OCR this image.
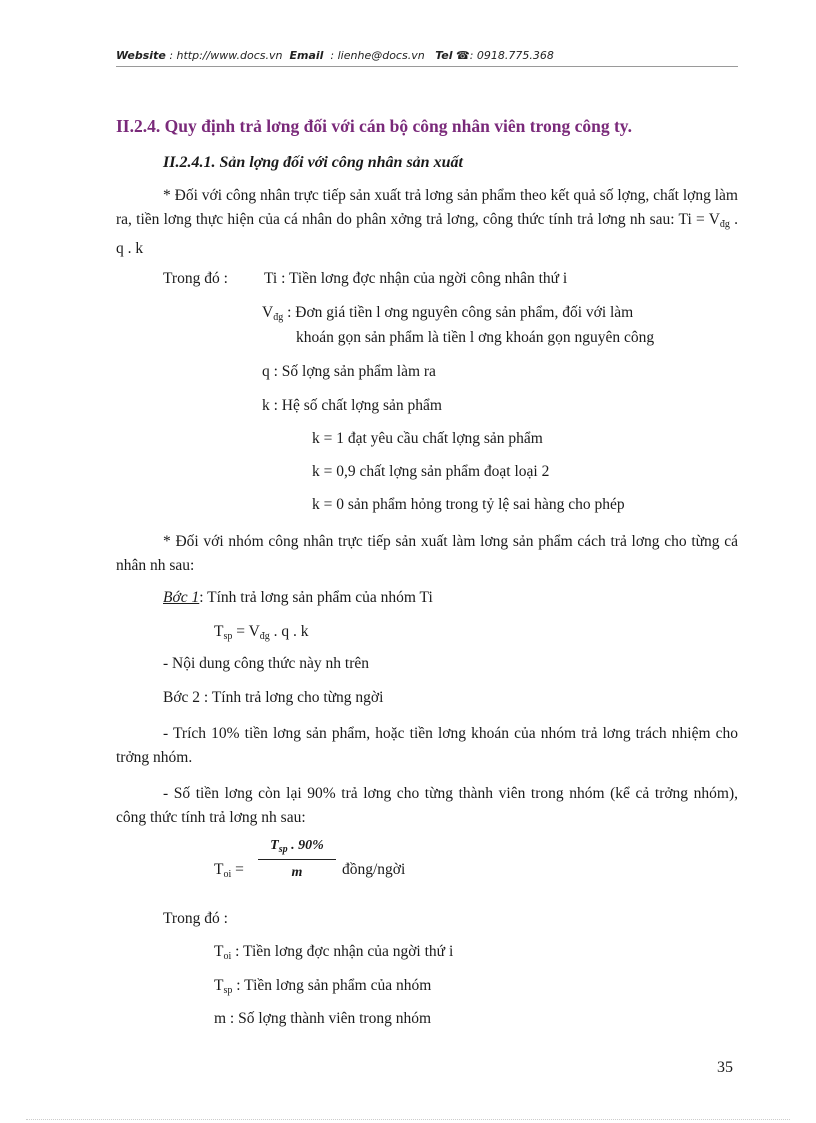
Website : http://www.docs.vn Email : lienhe@docs.vn Tel ☎: 0918.775.368
II.2.4. Quy định trả lơng đối với cán bộ công nhân viên trong công ty.
II.2.4.1. Sản lợng đối với công nhân sản xuất
* Đối với công nhân trực tiếp sản xuất trả lơng sản phẩm theo kết quả số lợng, chất lợng làm ra, tiền lơng thực hiện của cá nhân do phân xởng trả lơng, công thức tính trả lơng nh sau: Ti = Vđg . q . k
Trong đó : Ti : Tiền lơng đợc nhận của ngời công nhân thứ i
Vđg : Đơn giá tiền l ơng nguyên công sản phẩm, đối với làm
khoán gọn sản phẩm là tiền l ơng khoán gọn nguyên công
q : Số lợng sản phẩm làm ra
k : Hệ số chất lợng sản phẩm
k = 1 đạt yêu cầu chất lợng sản phẩm
k = 0,9 chất lợng sản phẩm đoạt loại 2
k = 0 sản phẩm hỏng trong tỷ lệ sai hàng cho phép
* Đối với nhóm công nhân trực tiếp sản xuất làm lơng sản phẩm cách trả lơng cho từng cá nhân nh sau:
Bớc 1: Tính trả lơng sản phẩm của nhóm Ti
Tsp = Vđg . q . k
- Nội dung công thức này nh trên
Bớc 2 : Tính trả lơng cho từng ngời
- Trích 10% tiền lơng sản phẩm, hoặc tiền lơng khoán của nhóm trả lơng trách nhiệm cho trởng nhóm.
- Số tiền lơng còn lại 90% trả lơng cho từng thành viên trong nhóm (kể cả trởng nhóm), công thức tính trả lơng nh sau:
Toi =
$T_{sp}$ . 90%
m	đồng/ngời
Trong đó :
Toi : Tiền lơng đợc nhận của ngời thứ i
Tsp : Tiền lơng sản phẩm của nhóm
m : Số lợng thành viên trong nhóm
35
